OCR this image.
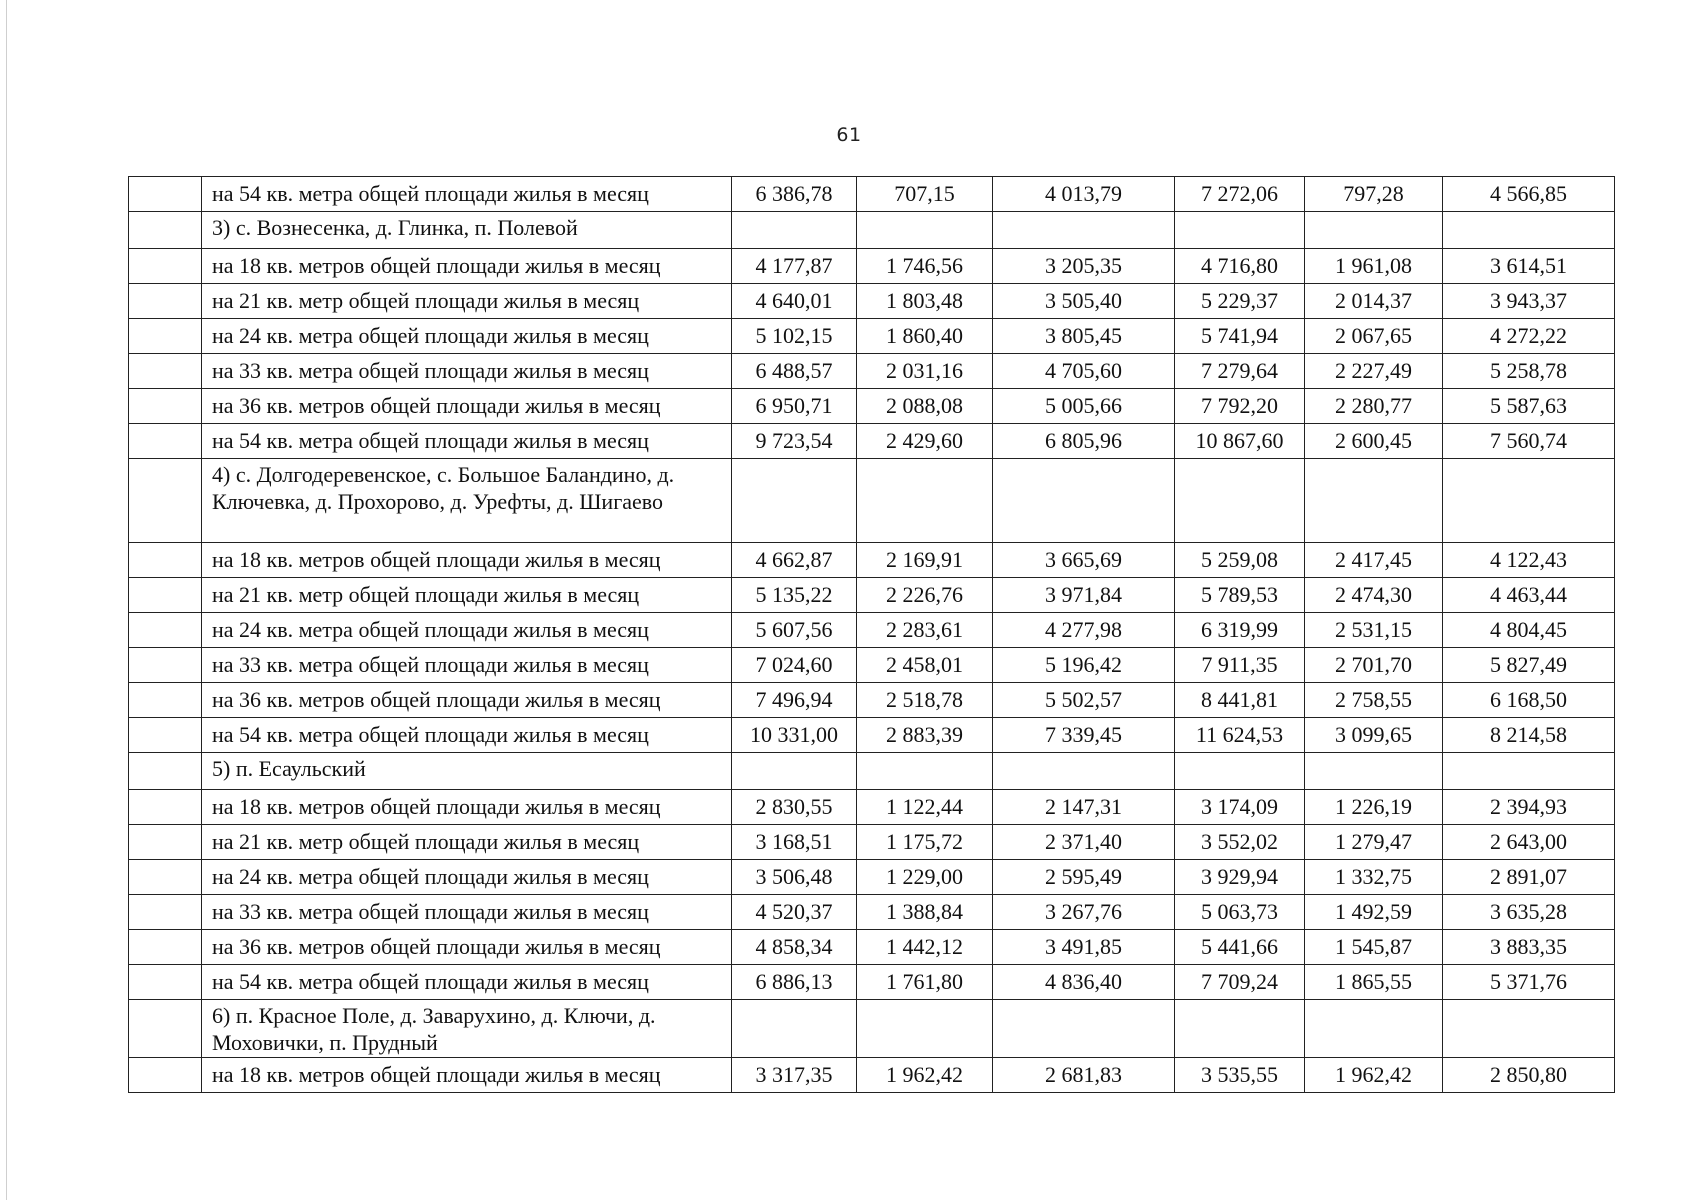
61
	на 54 кв. метра общей площади жилья в месяц	6 386,78	707,15	4 013,79	7 272,06	797,28	4 566,85
	3) с. Вознесенка, д. Глинка, п. Полевой						
	на 18 кв. метров общей площади жилья в месяц	4 177,87	1 746,56	3 205,35	4 716,80	1 961,08	3 614,51
	на 21 кв. метр общей площади жилья в месяц	4 640,01	1 803,48	3 505,40	5 229,37	2 014,37	3 943,37
	на 24 кв. метра общей площади жилья в месяц	5 102,15	1 860,40	3 805,45	5 741,94	2 067,65	4 272,22
	на 33 кв. метра общей площади жилья в месяц	6 488,57	2 031,16	4 705,60	7 279,64	2 227,49	5 258,78
	на 36 кв. метров общей площади жилья в месяц	6 950,71	2 088,08	5 005,66	7 792,20	2 280,77	5 587,63
	на 54 кв. метра общей площади жилья в месяц	9 723,54	2 429,60	6 805,96	10 867,60	2 600,45	7 560,74
	4) с. Долгодеревенское, с. Большое Баландино, д. Ключевка, д. Прохорово, д. Урефты, д. Шигаево						
	на 18 кв. метров общей площади жилья в месяц	4 662,87	2 169,91	3 665,69	5 259,08	2 417,45	4 122,43
	на 21 кв. метр общей площади жилья в месяц	5 135,22	2 226,76	3 971,84	5 789,53	2 474,30	4 463,44
	на 24 кв. метра общей площади жилья в месяц	5 607,56	2 283,61	4 277,98	6 319,99	2 531,15	4 804,45
	на 33 кв. метра общей площади жилья в месяц	7 024,60	2 458,01	5 196,42	7 911,35	2 701,70	5 827,49
	на 36 кв. метров общей площади жилья в месяц	7 496,94	2 518,78	5 502,57	8 441,81	2 758,55	6 168,50
	на 54 кв. метра общей площади жилья в месяц	10 331,00	2 883,39	7 339,45	11 624,53	3 099,65	8 214,58
	5) п. Есаульский						
	на 18 кв. метров общей площади жилья в месяц	2 830,55	1 122,44	2 147,31	3 174,09	1 226,19	2 394,93
	на 21 кв. метр общей площади жилья в месяц	3 168,51	1 175,72	2 371,40	3 552,02	1 279,47	2 643,00
	на 24 кв. метра общей площади жилья в месяц	3 506,48	1 229,00	2 595,49	3 929,94	1 332,75	2 891,07
	на 33 кв. метра общей площади жилья в месяц	4 520,37	1 388,84	3 267,76	5 063,73	1 492,59	3 635,28
	на 36 кв. метров общей площади жилья в месяц	4 858,34	1 442,12	3 491,85	5 441,66	1 545,87	3 883,35
	на 54 кв. метра общей площади жилья в месяц	6 886,13	1 761,80	4 836,40	7 709,24	1 865,55	5 371,76
	6) п. Красное Поле, д. Заварухино, д. Ключи, д. Моховички, п. Прудный						
	на 18 кв. метров общей площади жилья в месяц	3 317,35	1 962,42	2 681,83	3 535,55	1 962,42	2 850,80
